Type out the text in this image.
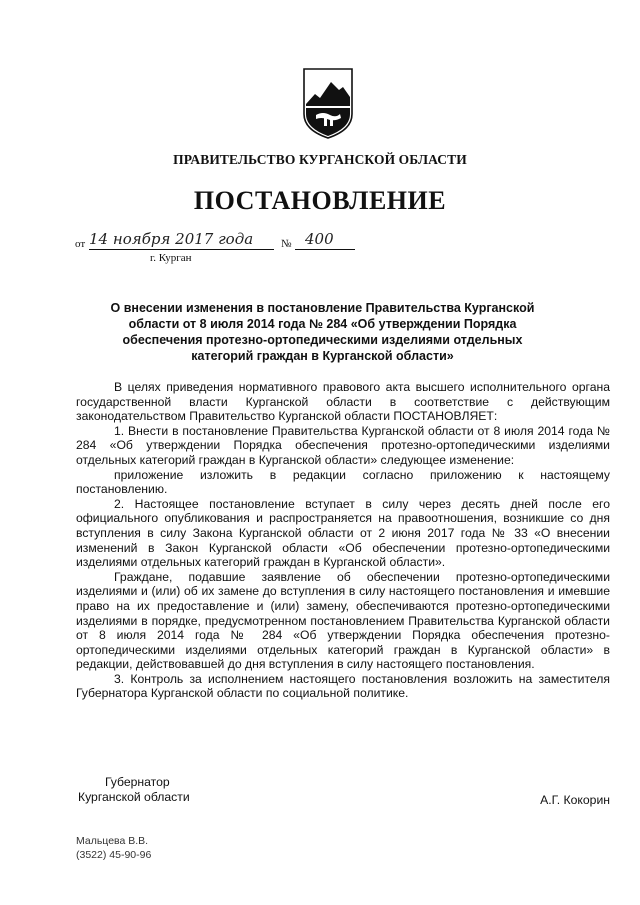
ПРАВИТЕЛЬСТВО КУРГАНСКОЙ ОБЛАСТИ
ПОСТАНОВЛЕНИЕ
от 14 ноября 2017 года	№ 400
г. Курган
О внесении изменения в постановление Правительства Курганской области от 8 июля 2014 года № 284 «Об утверждении Порядка обеспечения протезно-ортопедическими изделиями отдельных категорий граждан в Курганской области»

В целях приведения нормативного правового акта высшего исполнительного органа государственной власти Курганской области в соответствие с действующим законодательством Правительство Курганской области ПОСТАНОВЛЯЕТ:

1. Внести в постановление Правительства Курганской области от 8 июля 2014 года № 284 «Об утверждении Порядка обеспечения протезно-ортопедическими изделиями отдельных категорий граждан в Курганской области» следующее изменение:

приложение изложить в редакции согласно приложению к настоящему постановлению.

2. Настоящее постановление вступает в силу через десять дней после его официального опубликования и распространяется на правоотношения, возникшие со дня вступления в силу Закона Курганской области от 2 июня 2017 года № 33 «О внесении изменений в Закон Курганской области «Об обеспечении протезно-ортопедическими изделиями отдельных категорий граждан в Курганской области».

Граждане, подавшие заявление об обеспечении протезно-ортопедическими изделиями и (или) об их замене до вступления в силу настоящего постановления и имевшие право на их предоставление и (или) замену, обеспечиваются протезно-ортопедическими изделиями в порядке, предусмотренном постановлением Правительства Курганской области от 8 июля 2014 года № 284 «Об утверждении Порядка обеспечения протезно-ортопедическими изделиями отдельных категорий граждан в Курганской области» в редакции, действовавшей до дня вступления в силу настоящего постановления.

3. Контроль за исполнением настоящего постановления возложить на заместителя Губернатора Курганской области по социальной политике.

Губернатор
Курганской области	А.Г. Кокорин
Мальцева В.В.
(3522) 45-90-96
